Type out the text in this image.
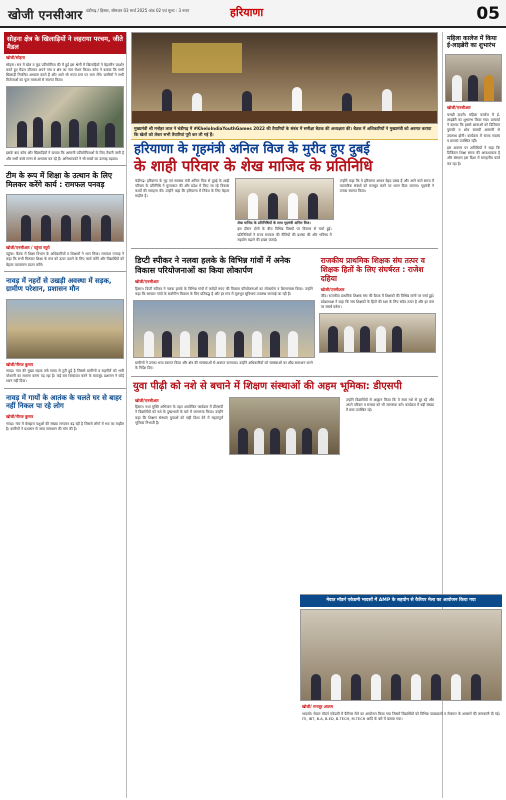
खोजी एनसीआर चंडीगढ़ / हिसार, सोमवार 03 मार्च 2025 अंक 02 एवं मूल्य : 3 रुपए	हरियाणा	05
सोहना क्षेत्र के खिलाड़ियों ने लहराया परचम, जीते मैडल
खोजी/सोहना
सोहना। सत्र में खेल व कूद प्रतियोगिता की में हुई इस श्रेणी में खिलाड़ियों ने बेहतरीन प्रदर्शन करते हुए मैडल जीतकर अपने गांव व क्षेत्र का नाम रोशन किया। कोच ने बताया कि सभी खिलाड़ी नियमित अभ्यास करते हैं और आगे भी राज्य स्तर पर भाग लेंगे। ग्रामीणों ने सभी विजेताओं का फूल मालाओं से स्वागत किया।
इसके बाद कोच और खिलाड़ियों ने बताया कि आगामी प्रतियोगिताओं के लिए तैयारी जारी है और सभी बच्चे लगन से अभ्यास कर रहे हैं। अभिभावकों ने भी बच्चों का उत्साह बढ़ाया।
टीम के रूप में शिक्षा के उत्थान के लिए मिलकर करेंगे कार्य : रामफल पनवड़
खोजी/एनसीआर / पहुंचा ब्यूरो
पहुंचा। बैठक में शिक्षा विभाग के अधिकारियों व शिक्षकों ने भाग लिया। रामफल पनवड़ ने कहा कि सभी मिलकर शिक्षा के स्तर को ऊपर उठाने के लिए कार्य करेंगे और विद्यार्थियों को बेहतर वातावरण प्रदान करेंगे।
नावड़ में नहरों से उखड़ी अवस्था में सड़क, ग्रामीण परेशान, प्रशासन मौन
खोजी/नीरज कुमार
नावड़। गांव की मुख्य सड़क लंबे समय से टूटी हुई है जिससे ग्रामीणों व राहगीरों को भारी परेशानी का सामना करना पड़ रहा है। कई बार शिकायत करने के बावजूद प्रशासन ने कोई ध्यान नहीं दिया।
नावड़ में गायों के आतंक के चलते घर से बाहर नहीं निकल पा रहे लोग
खोजी/नीरज कुमार
नावड़। गांव में बेसहारा पशुओं की संख्या लगातार बढ़ रही है जिससे लोगों में भय का माहौल है। ग्रामीणों ने प्रशासन से जल्द समाधान की मांग की है।
मुख्यमंत्री श्री मनोहर लाल ने चंडीगढ़ में #KheloIndiaYouthGames 2022 की तैयारियों के संबंध में समीक्षा बैठक की अध्यक्षता की। बैठक में अधिकारियों ने मुख्यमंत्री को अवगत कराया कि खेलों को लेकर सभी तैयारियां पूरी कर ली गई हैं।
हरियाणा के गृहमंत्री अनिल विज के मुरीद हुए दुबई
के शाही परिवार के शेख माजिद के प्रतिनिधि
चंडीगढ़। हरियाणा के गृह एवं स्वास्थ्य मंत्री अनिल विज से दुबई के शाही परिवार के प्रतिनिधि ने मुलाकात की और प्रदेश में किए जा रहे विकास कार्यों की सराहना की। उन्होंने कहा कि हरियाणा में निवेश के लिए बेहतर माहौल है।
शेख माजिद के प्रतिनिधियों के साथ गृहमंत्री अनिल विज।
इस दौरान दोनों के बीच विभिन्न विषयों पर विस्तार से चर्चा हुई। प्रतिनिधियों ने राज्य सरकार की नीतियों की प्रशंसा की और भविष्य में सहयोग बढ़ाने की इच्छा जताई।
उन्होंने कहा कि वे हरियाणा आकर बेहद प्रसन्न हैं और आने वाले समय में व्यापारिक संबंधों को मजबूत करने पर ध्यान दिया जाएगा। गृहमंत्री ने उनका स्वागत किया।
डिप्टी स्पीकर ने नलवा हलके के विभिन्न गांवों में अनेक विकास परियोजनाओं का किया लोकार्पण
खोजी/एनसीआर
हिसार। डिप्टी स्पीकर ने नलवा हलके के विभिन्न गांवों में करोड़ों रुपए की विकास परियोजनाओं का लोकार्पण व शिलान्यास किया। उन्होंने कहा कि सरकार गांवों के सर्वांगीण विकास के लिए प्रतिबद्ध है और हर गांव में मूलभूत सुविधाएं उपलब्ध करवाई जा रही हैं।
ग्रामीणों ने उनका भव्य स्वागत किया और क्षेत्र की समस्याओं से अवगत करवाया। उन्होंने अधिकारियों को समस्याओं का शीघ्र समाधान करने के निर्देश दिए।
राजकीय प्राथमिक शिक्षक संघ तत्पर व शिक्षक हितों के लिए संघर्षरत : राजेश दहिया
खोजी/एनसीआर
जींद। राजकीय प्राथमिक शिक्षक संघ की बैठक में शिक्षकों की विभिन्न मांगों पर चर्चा हुई। प्रदेशाध्यक्ष ने कहा कि संघ शिक्षकों के हितों की रक्षा के लिए सदैव तत्पर है और हर स्तर पर संघर्ष करेगा।
युवा पीढ़ी को नशे से बचाने में शिक्षण संस्थाओं की अहम भूमिका: डीएसपी
खोजी/एनसीआर
हिसार। नशा मुक्ति अभियान के तहत आयोजित कार्यक्रम में डीएसपी ने विद्यार्थियों को नशे के दुष्प्रभावों के बारे में जागरूक किया। उन्होंने कहा कि शिक्षण संस्थाएं युवाओं को सही दिशा देने में महत्वपूर्ण भूमिका निभाती हैं।
उन्होंने विद्यार्थियों से आह्वान किया कि वे स्वयं नशे से दूर रहें और अपने परिवार व समाज को भी जागरूक करें। कार्यक्रम में बड़ी संख्या में छात्र उपस्थित रहे।
महिला कालेज में किया ई-लाइब्रेरी का शुभारंभ
खोजी/एनसीआर
चरखी दादरी। महिला कालेज में ई-लाइब्रेरी का शुभारंभ किया गया। प्राचार्या ने बताया कि इससे छात्राओं को डिजिटल पुस्तकें व शोध सामग्री आसानी से उपलब्ध होगी। कार्यक्रम में स्टाफ सदस्य व छात्राएं उपस्थित रहीं।
इस अवसर पर अतिथियों ने कहा कि डिजिटल शिक्षा समय की आवश्यकता है और संस्थान इस दिशा में सराहनीय कार्य कर रहा है।
मेवात मॉडर्न एकेडमी भादसों में AMP के सहयोग से कैरियर मेला का आयोजन किया गया
खोजी/ मनजूर आलम
भादसों। मेवात मॉडर्न एकेडमी में कैरियर मेले का आयोजन किया गया जिसमें विद्यार्थियों को विभिन्न पाठ्यक्रमों व रोजगार के अवसरों की जानकारी दी गई। ITI, IBT, B.A, B.ED, B.TECH, M.TECH आदि के बारे में बताया गया।
